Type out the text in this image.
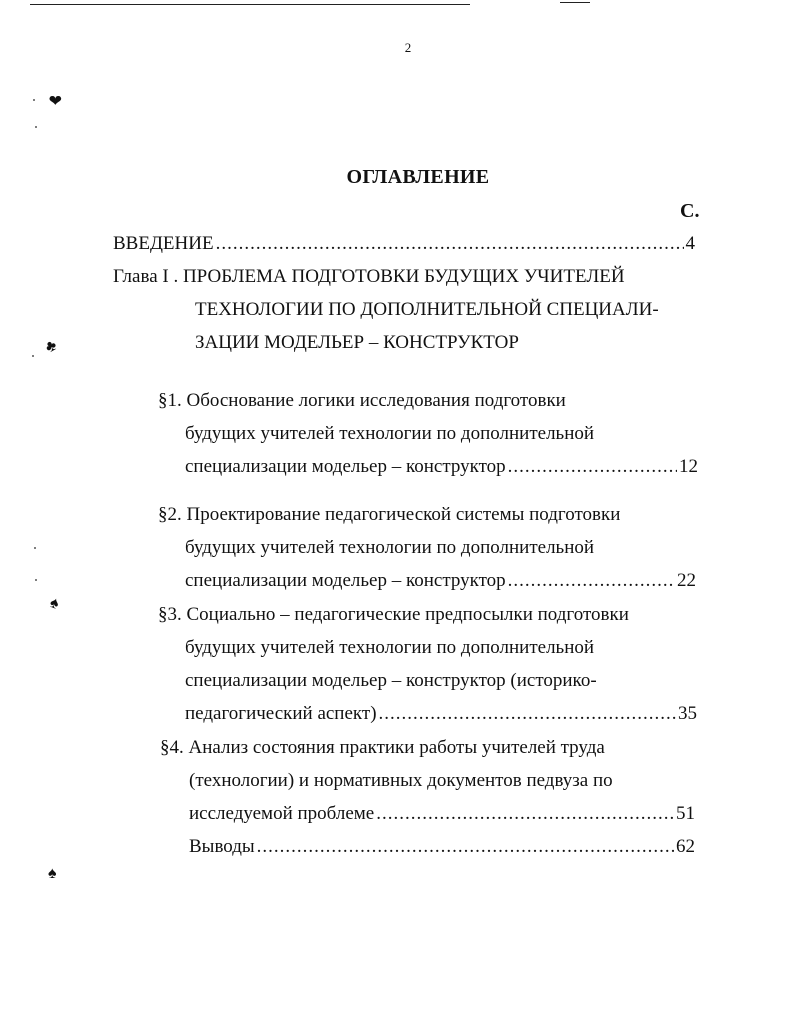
2
ОГЛАВЛЕНИЕ
С.
ВВЕДЕНИЕ .....	4
Глава I . ПРОБЛЕМА ПОДГОТОВКИ БУДУЩИХ УЧИТЕЛЕЙ
ТЕХНОЛОГИИ ПО ДОПОЛНИТЕЛЬНОЙ СПЕЦИАЛИ-
ЗАЦИИ МОДЕЛЬЕР – КОНСТРУКТОР
§1. Обоснование логики исследования подготовки
будущих учителей технологии по дополнительной
специализации модельер – конструктор .....	12
§2. Проектирование педагогической системы подготовки
будущих учителей технологии по дополнительной
специализации модельер – конструктор .....	22
§3. Социально – педагогические предпосылки подготовки
будущих учителей технологии по дополнительной
специализации модельер – конструктор (историко-
педагогический аспект) .....	35
§4. Анализ состояния практики работы учителей труда
(технологии) и нормативных документов педвуза по
исследуемой проблеме .....	51
Выводы .....	62
❥
♣
♠
♠
